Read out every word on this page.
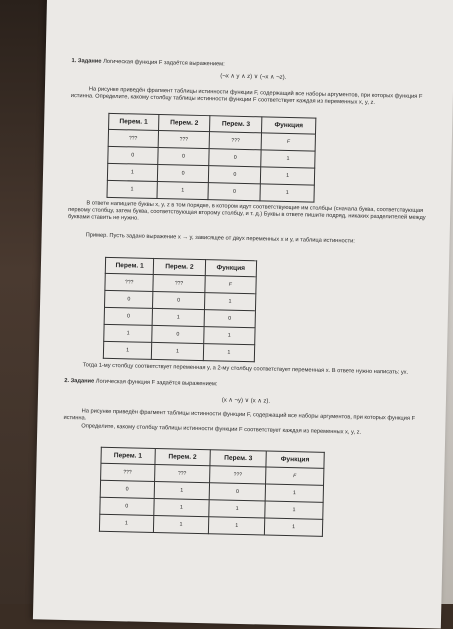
1. Задание Логическая функция F задаётся выражением:
(¬x ∧ y ∧ z) ∨ (¬x ∧ ¬z).

На рисунке приведён фрагмент таблицы истинности функции F, содержащий все наборы аргументов, при которых функция F истинна. Определите, какому столбцу таблицы истинности функции F соответствует каждая из переменных x, y, z.

Перем. 1	Перем. 2	Перем. 3	Функция
???	???	???	F
0	0	0	1
1	0	0	1
1	1	0	1

В ответе напишите буквы x, y, z в том порядке, в котором идут соответствующие им столбцы (сначала буква, соответствующая первому столбцу, затем буква, соответствующая второму столбцу, и т. д.) Буквы в ответе пишите подряд, никаких разделителей между буквами ставить не нужно.

Пример. Пусть задано выражение x → y, зависящее от двух переменных x и y, и таблица истинности:

Перем. 1	Перем. 2	Функция
???	???	F
0	0	1
0	1	0
1	0	1
1	1	1

Тогда 1-му столбцу соответствует переменная y, а 2-му столбцу соответствует переменная x. В ответе нужно написать: yx.

2. Задание Логическая функция F задаётся выражением:
(x ∧ ¬y) ∨ (x ∧ z).

На рисунке приведён фрагмент таблицы истинности функции F, содержащий все наборы аргументов, при которых функция F истинна.

Определите, какому столбцу таблицы истинности функции F соответствует каждая из переменных x, y, z.

Перем. 1	Перем. 2	Перем. 3	Функция
???	???	???	F
0	1	0	1
0	1	1	1
1	1	1	1
